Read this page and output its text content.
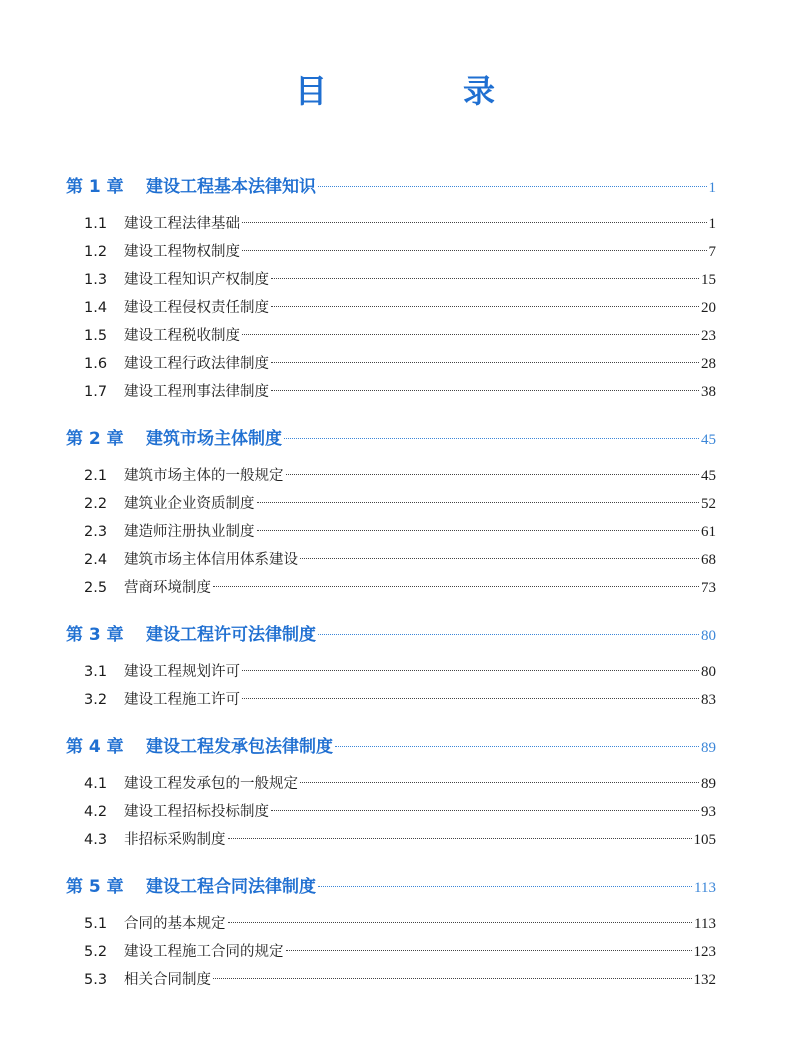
目　录
第 1 章	建设工程基本法律知识	1
1.1	建设工程法律基础	1
1.2	建设工程物权制度	7
1.3	建设工程知识产权制度	15
1.4	建设工程侵权责任制度	20
1.5	建设工程税收制度	23
1.6	建设工程行政法律制度	28
1.7	建设工程刑事法律制度	38
第 2 章	建筑市场主体制度	45
2.1	建筑市场主体的一般规定	45
2.2	建筑业企业资质制度	52
2.3	建造师注册执业制度	61
2.4	建筑市场主体信用体系建设	68
2.5	营商环境制度	73
第 3 章	建设工程许可法律制度	80
3.1	建设工程规划许可	80
3.2	建设工程施工许可	83
第 4 章	建设工程发承包法律制度	89
4.1	建设工程发承包的一般规定	89
4.2	建设工程招标投标制度	93
4.3	非招标采购制度	105
第 5 章	建设工程合同法律制度	113
5.1	合同的基本规定	113
5.2	建设工程施工合同的规定	123
5.3	相关合同制度	132
